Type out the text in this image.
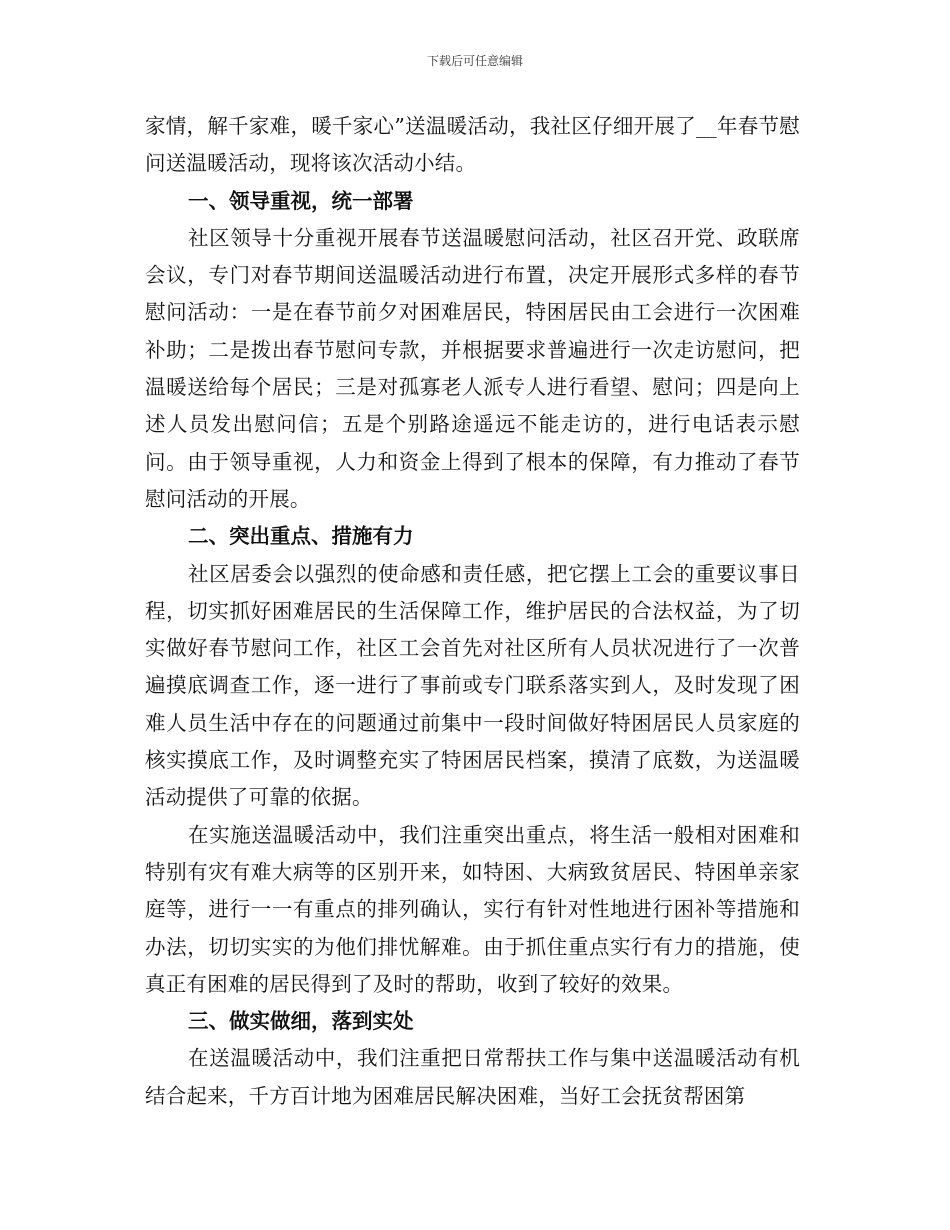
下载后可任意编辑

家情，解千家难，暖千家心”送温暖活动，我社区仔细开展了__年春节慰问送温暖活动，现将该次活动小结。

一、领导重视，统一部署

社区领导十分重视开展春节送温暖慰问活动，社区召开党、政联席会议，专门对春节期间送温暖活动进行布置，决定开展形式多样的春节慰问活动：一是在春节前夕对困难居民，特困居民由工会进行一次困难补助；二是拨出春节慰问专款，并根据要求普遍进行一次走访慰问，把温暖送给每个居民；三是对孤寡老人派专人进行看望、慰问；四是向上述人员发出慰问信；五是个别路途遥远不能走访的，进行电话表示慰问。由于领导重视，人力和资金上得到了根本的保障，有力推动了春节慰问活动的开展。

二、突出重点、措施有力

社区居委会以强烈的使命感和责任感，把它摆上工会的重要议事日程，切实抓好困难居民的生活保障工作，维护居民的合法权益，为了切实做好春节慰问工作，社区工会首先对社区所有人员状况进行了一次普遍摸底调查工作，逐一进行了事前或专门联系落实到人，及时发现了困难人员生活中存在的问题通过前集中一段时间做好特困居民人员家庭的核实摸底工作，及时调整充实了特困居民档案，摸清了底数，为送温暖活动提供了可靠的依据。

在实施送温暖活动中，我们注重突出重点，将生活一般相对困难和特别有灾有难大病等的区别开来，如特困、大病致贫居民、特困单亲家庭等，进行一一有重点的排列确认，实行有针对性地进行困补等措施和办法，切切实实的为他们排忧解难。由于抓住重点实行有力的措施，使真正有困难的居民得到了及时的帮助，收到了较好的效果。

三、做实做细，落到实处

在送温暖活动中，我们注重把日常帮扶工作与集中送温暖活动有机结合起来，千方百计地为困难居民解决困难，当好工会抚贫帮困第
